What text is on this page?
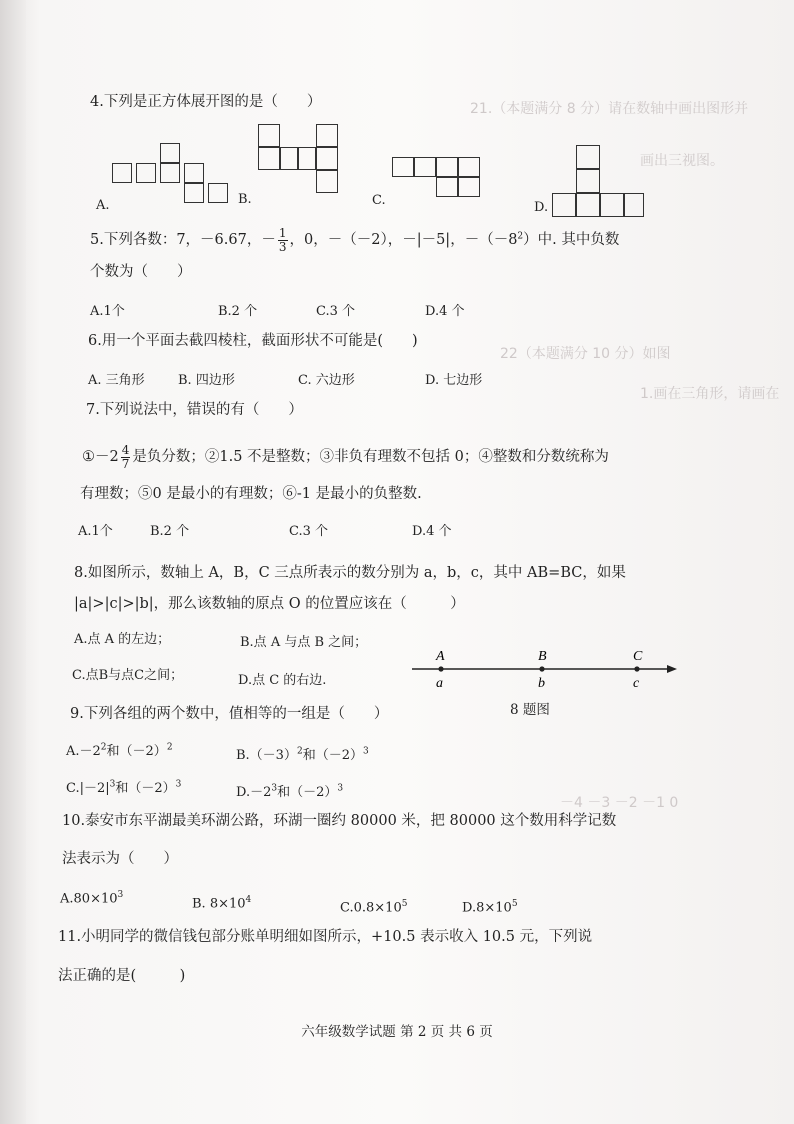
21.（本题满分 8 分）请在数轴中画出图形并
画出三视图。
22（本题满分 10 分）如图
1.画在三角形，请画在
－4 －3 －2 －1 0
4.下列是正方体展开图的是（　　）
A.	B.	C.	D.
5.下列各数：7，－6.67，－ $\frac{1}{3}$ ，0，－（－2），－|－5|，$-(-8^2)$中. 其中负数
个数为（　　）
A.1个	B.2 个	C.3 个	D.4 个
6.用一个平面去截四棱柱，截面形状不可能是(　　)
A. 三角形	B. 四边形	C. 六边形	D. 七边形
7.下列说法中，错误的有（　　）
①－2 $\frac{4}{7}$ 是负分数；②1.5 不是整数；③非负有理数不包括 0；④整数和分数统称为
有理数；⑤0 是最小的有理数；⑥-1 是最小的负整数.
A.1个	B.2 个	C.3 个	D.4 个
8.如图所示，数轴上 A，B，C 三点所表示的数分别为 a，b，c，其中 AB=BC，如果
|a|>|c|>|b|，那么该数轴的原点 O 的位置应该在（　　　）
A.点 A 的左边；	B.点 A 与点 B 之间；
C.点B与点C之间；	D.点 C 的右边.
A	B	C
a	b	c
8 题图
9.下列各组的两个数中，值相等的一组是（　　）
$A.-2^2$和$(-2)^2$
$B.(-3)^2$和$(-2)^3$
$C.|-2|^3$和$(-2)^3$
$D.-2^3$和$(-2)^3$
10.泰安市东平湖最美环湖公路，环湖一圈约 80000 米，把 80000 这个数用科学记数
法表示为（　　）
$A.80\times 10^3$
B. $8\times 10^4$
$C.0.8\times 10^5$	$D.8\times 10^5$
11.小明同学的微信钱包部分账单明细如图所示，+10.5 表示收入 10.5 元，下列说
法正确的是(　　　)
六年级数学试题 第 2 页 共 6 页
